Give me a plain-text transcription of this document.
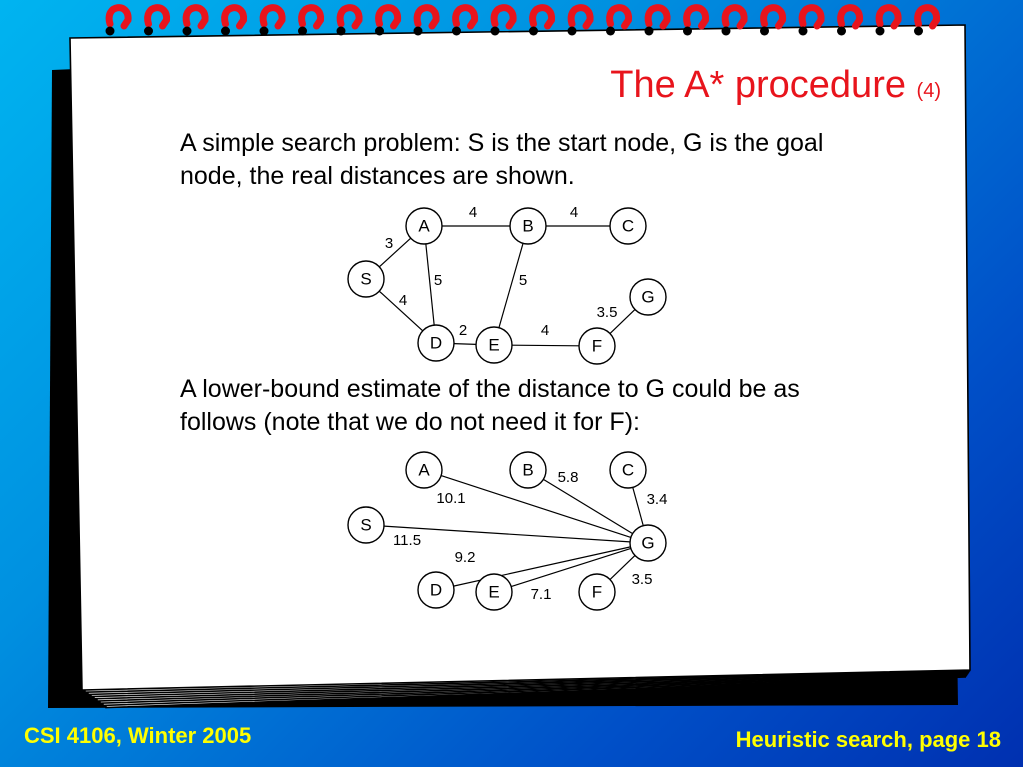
The A* procedure (4)
A simple search problem: S is the start node, G is the goal node, the real distances are shown.
A lower-bound estimate of the distance to G could be as follows (note that we do not need it for F):
4	4
3
5	5
4
3.5
2	4
A	B	C
S
G
D	E	F
10.1
5.8
3.4
11.5
9.2
7.1
3.5
A	B	C
S
G
D	E	F
CSI 4106, Winter 2005	Heuristic search, page 18
